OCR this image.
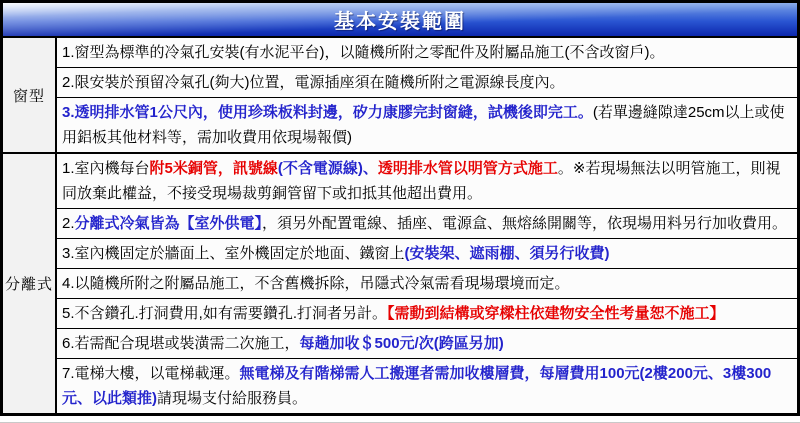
基本安裝範圍
窗型
1.窗型為標準的冷氣孔安裝(有水泥平台)，以隨機所附之零配件及附屬品施工(不含改窗戶)。
2.限安裝於預留冷氣孔(夠大)位置，電源插座須在隨機所附之電源線長度內。
3.透明排水管1公尺內，使用珍珠板料封邊，矽力康膠完封窗縫，試機後即完工。(若單邊縫隙達25cm以上或使用鋁板其他材料等，需加收費用依現場報價)
分離式
1.室內機每台附5米銅管，訊號線(不含電源線)、透明排水管以明管方式施工。※若現場無法以明管施工，則視同放棄此權益，不接受現場裁剪銅管留下或扣抵其他超出費用。
2.分離式冷氣皆為【室外供電】，須另外配置電線、插座、電源盒、無熔絲開關等，依現場用料另行加收費用。
3.室內機固定於牆面上、室外機固定於地面、鐵窗上(安裝架、遮雨棚、須另行收費)
4.以隨機所附之附屬品施工，不含舊機拆除，吊隱式冷氣需看現場環境而定。
5.不含鑽孔.打洞費用,如有需要鑽孔.打洞者另計。【需動到結構或穿樑柱依建物安全性考量恕不施工】
6.若需配合現堪或裝潢需二次施工，每趟加收＄500元/次(跨區另加)
7.電梯大樓，以電梯載運。無電梯及有階梯需人工搬運者需加收樓層費，每層費用100元(2樓200元、3樓300元、以此類推)請現場支付給服務員。
